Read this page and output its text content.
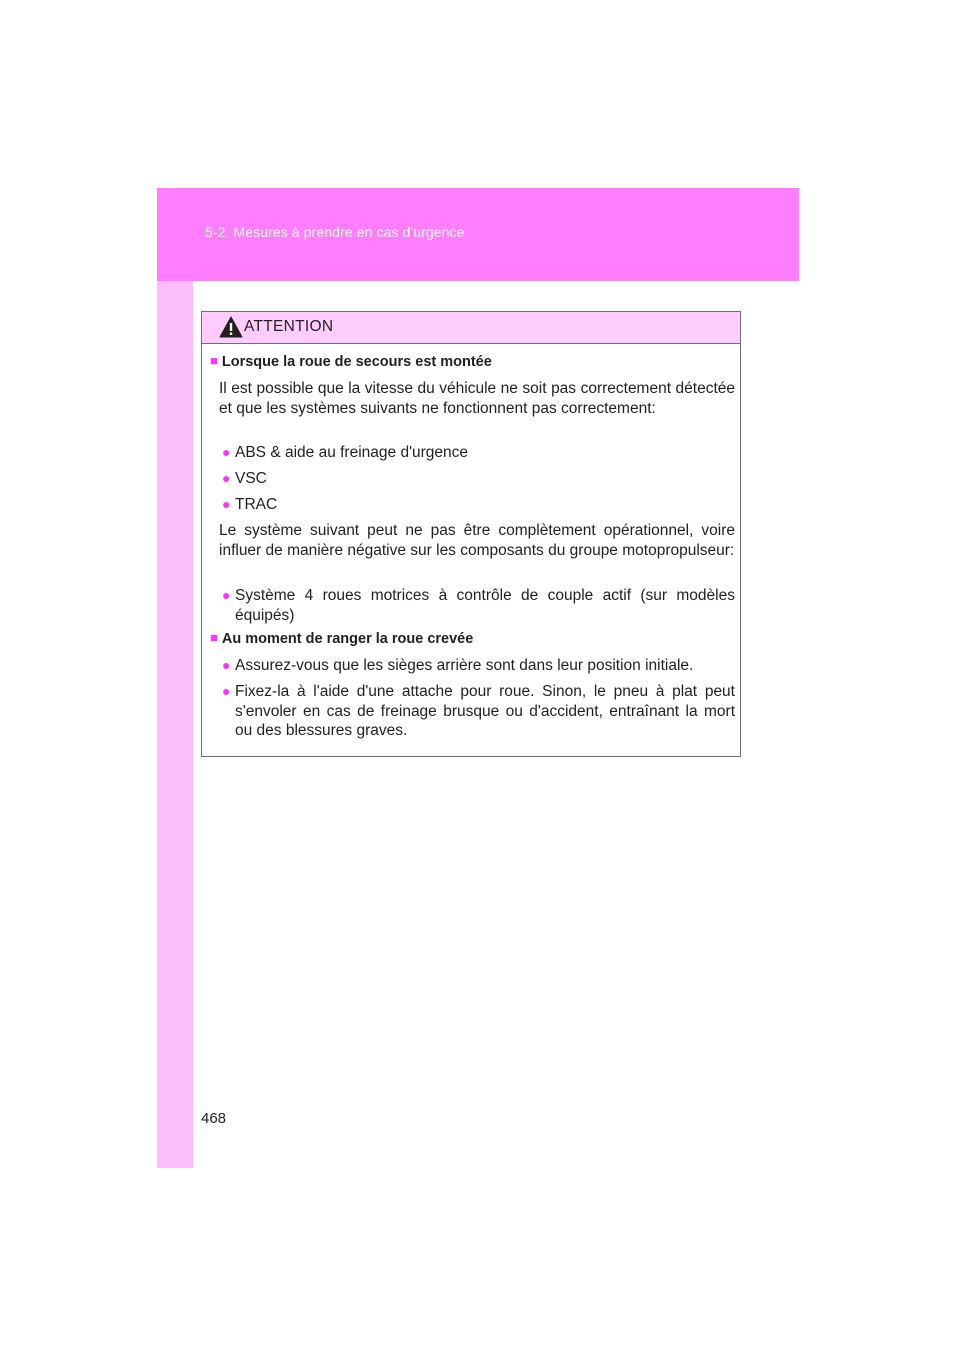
5-2. Mesures à prendre en cas d'urgence
ATTENTION
■ Lorsque la roue de secours est montée
Il est possible que la vitesse du véhicule ne soit pas correctement détectée et que les systèmes suivants ne fonctionnent pas correctement:
● ABS & aide au freinage d'urgence
● VSC
● TRAC
Le système suivant peut ne pas être complètement opérationnel, voire influer de manière négative sur les composants du groupe motopropulseur:
● Système 4 roues motrices à contrôle de couple actif (sur modèles équipés)
■ Au moment de ranger la roue crevée
● Assurez-vous que les sièges arrière sont dans leur position initiale.
● Fixez-la à l'aide d'une attache pour roue. Sinon, le pneu à plat peut s'envoler en cas de freinage brusque ou d'accident, entraînant la mort ou des blessures graves.
468
